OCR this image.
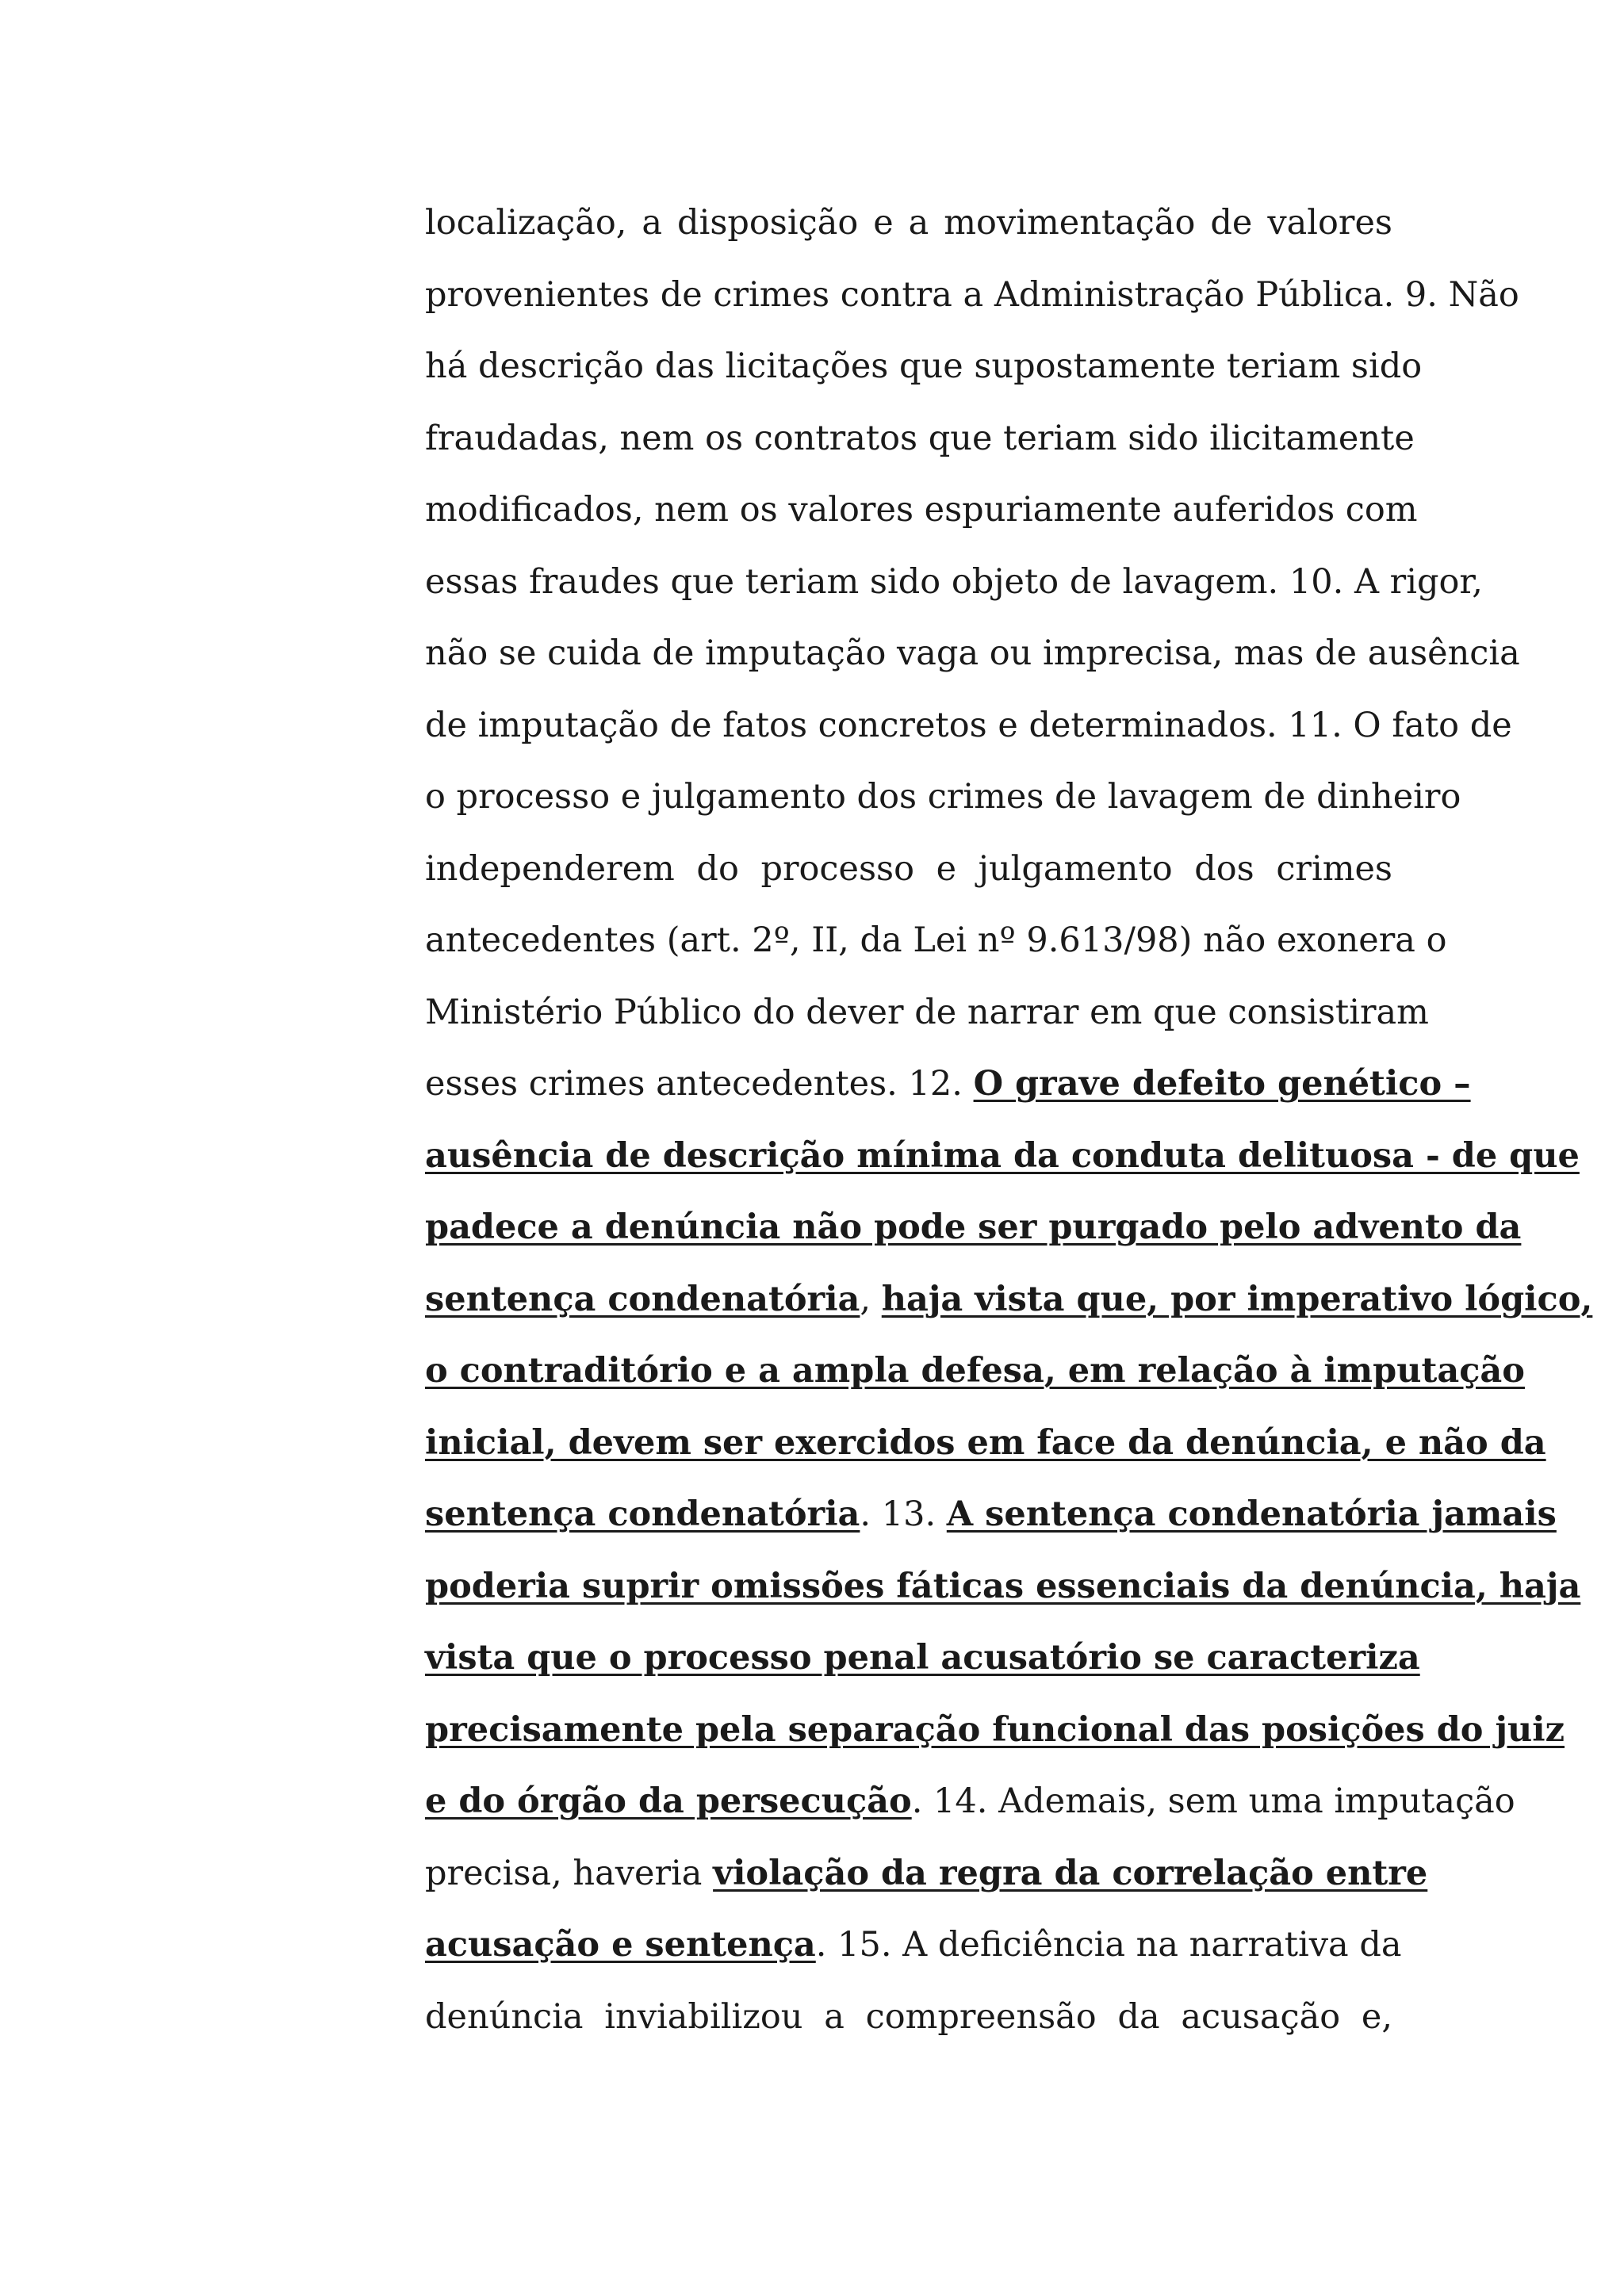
localização, a disposição e a movimentação de valores
provenientes de crimes contra a Administração Pública. 9. Não
há descrição das licitações que supostamente teriam sido
fraudadas, nem os contratos que teriam sido ilicitamente
modificados, nem os valores espuriamente auferidos com
essas fraudes que teriam sido objeto de lavagem. 10. A rigor,
não se cuida de imputação vaga ou imprecisa, mas de ausência
de imputação de fatos concretos e determinados. 11. O fato de
o processo e julgamento dos crimes de lavagem de dinheiro
independerem do processo e julgamento dos crimes
antecedentes (art. 2º, II, da Lei nº 9.613/98) não exonera o
Ministério Público do dever de narrar em que consistiram
esses crimes antecedentes. 12. O grave defeito genético –
ausência de descrição mínima da conduta delituosa - de que
padece a denúncia não pode ser purgado pelo advento da
sentença condenatória, haja vista que, por imperativo lógico,
o contraditório e a ampla defesa, em relação à imputação
inicial, devem ser exercidos em face da denúncia, e não da
sentença condenatória. 13. A sentença condenatória jamais
poderia suprir omissões fáticas essenciais da denúncia, haja
vista que o processo penal acusatório se caracteriza
precisamente pela separação funcional das posições do juiz
e do órgão da persecução. 14. Ademais, sem uma imputação
precisa, haveria violação da regra da correlação entre
acusação e sentença. 15. A deficiência na narrativa da
denúncia inviabilizou a compreensão da acusação e,
